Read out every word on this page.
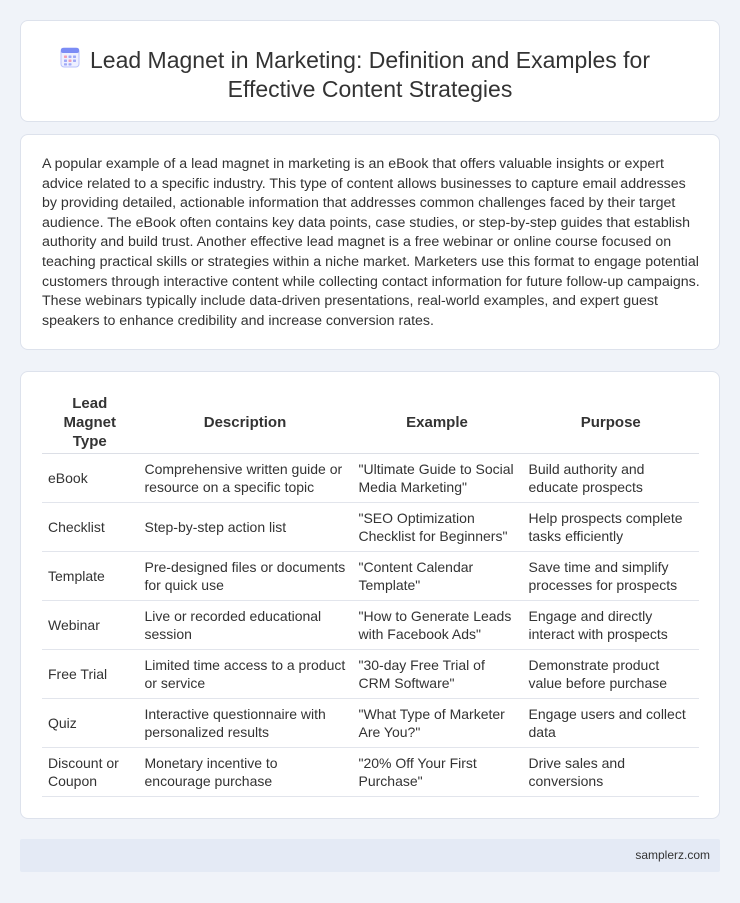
Lead Magnet in Marketing: Definition and Examples for
Effective Content Strategies

A popular example of a lead magnet in marketing is an eBook that offers valuable insights or expert advice related to a specific industry. This type of content allows businesses to capture email addresses by providing detailed, actionable information that addresses common challenges faced by their target audience. The eBook often contains key data points, case studies, or step-by-step guides that establish authority and build trust. Another effective lead magnet is a free webinar or online course focused on teaching practical skills or strategies within a niche market. Marketers use this format to engage potential customers through interactive content while collecting contact information for future follow-up campaigns. These webinars typically include data-driven presentations, real-world examples, and expert guest speakers to enhance credibility and increase conversion rates.

Lead Magnet Type	Description	Example	Purpose
eBook	Comprehensive written guide or resource on a specific topic	"Ultimate Guide to Social Media Marketing"	Build authority and educate prospects
Checklist	Step-by-step action list	"SEO Optimization Checklist for Beginners"	Help prospects complete tasks efficiently
Template	Pre-designed files or documents for quick use	"Content Calendar Template"	Save time and simplify processes for prospects
Webinar	Live or recorded educational session	"How to Generate Leads with Facebook Ads"	Engage and directly interact with prospects
Free Trial	Limited time access to a product or service	"30-day Free Trial of CRM Software"	Demonstrate product value before purchase
Quiz	Interactive questionnaire with personalized results	"What Type of Marketer Are You?"	Engage users and collect data
Discount or Coupon	Monetary incentive to encourage purchase	"20% Off Your First Purchase"	Drive sales and conversions
samplerz.com
